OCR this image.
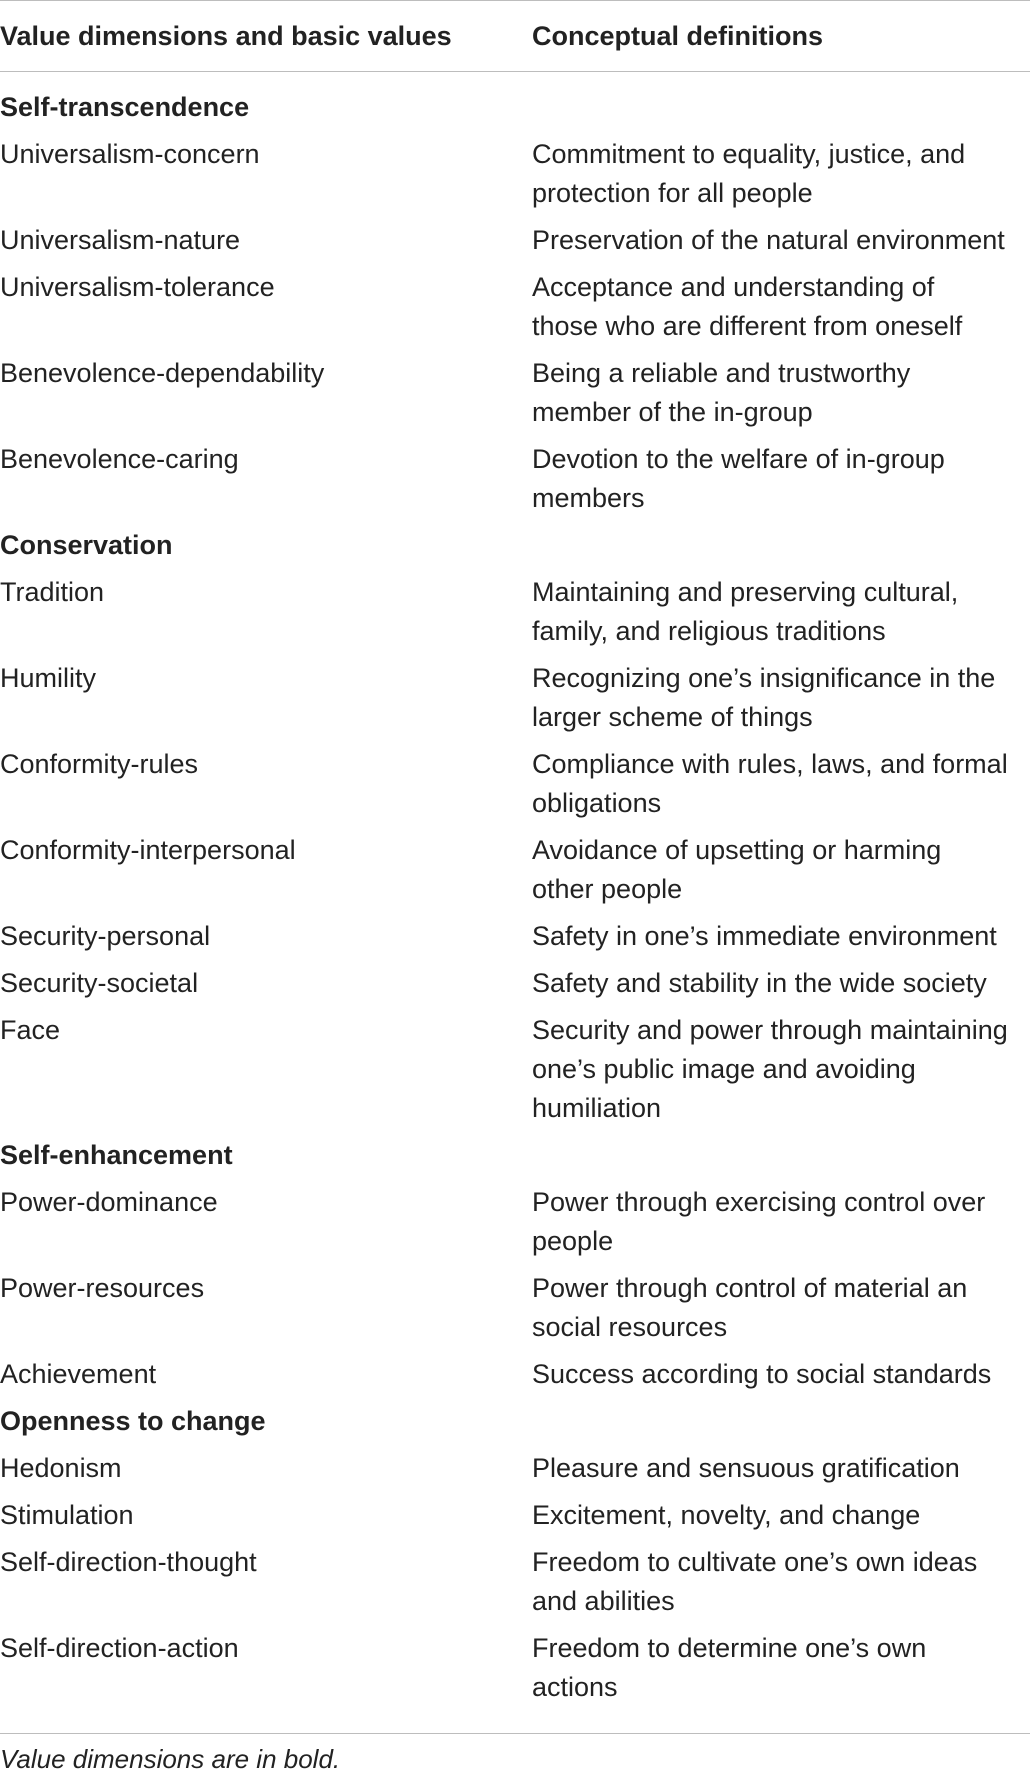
Value dimensions and basic values	Conceptual definitions
Self-transcendence
Universalism-concern	Commitment to equality, justice, and
protection for all people
Universalism-nature	Preservation of the natural environment
Universalism-tolerance	Acceptance and understanding of
those who are different from oneself
Benevolence-dependability	Being a reliable and trustworthy
member of the in-group
Benevolence-caring	Devotion to the welfare of in-group
members
Conservation
Tradition	Maintaining and preserving cultural,
family, and religious traditions
Humility	Recognizing one’s insignificance in the
larger scheme of things
Conformity-rules	Compliance with rules, laws, and formal
obligations
Conformity-interpersonal	Avoidance of upsetting or harming
other people
Security-personal	Safety in one’s immediate environment
Security-societal	Safety and stability in the wide society
Face	Security and power through maintaining
one’s public image and avoiding
humiliation
Self-enhancement
Power-dominance	Power through exercising control over
people
Power-resources	Power through control of material an
social resources
Achievement	Success according to social standards
Openness to change
Hedonism	Pleasure and sensuous gratification
Stimulation	Excitement, novelty, and change
Self-direction-thought	Freedom to cultivate one’s own ideas
and abilities
Self-direction-action	Freedom to determine one’s own
actions
Value dimensions are in bold.
